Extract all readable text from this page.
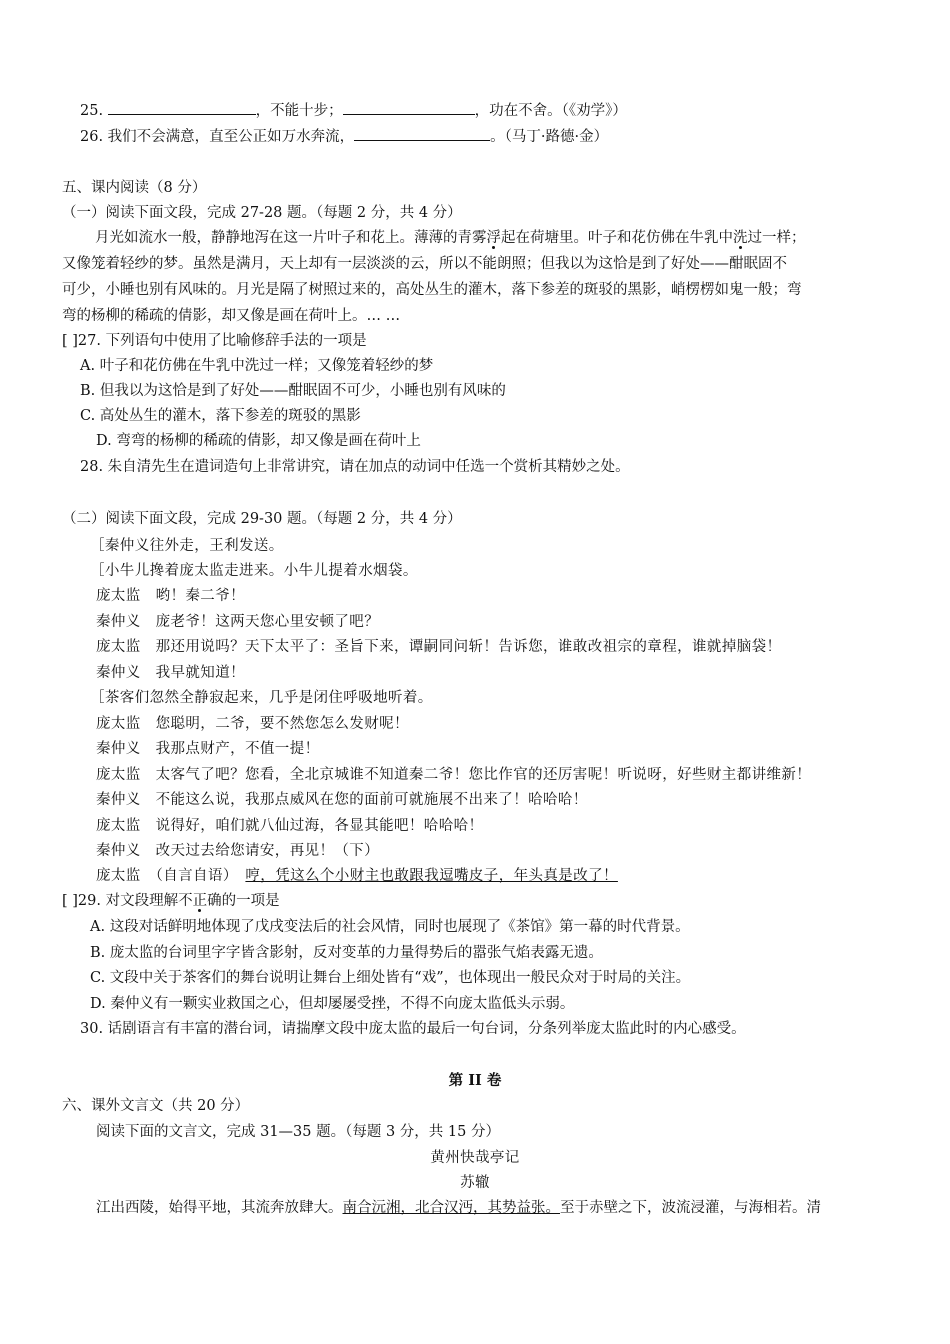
25.	，不能十步；	，功在不舍。（《劝学》）
26. 我们不会满意，直至公正如万水奔流，	。（马丁·路德·金）
五、课内阅读（8 分）
（一）阅读下面文段，完成 27-28 题。（每题 2 分，共 4 分）
月光如流水一般，静静地泻在这一片叶子和花上。薄薄的青雾浮起在荷塘里。叶子和花仿佛在牛乳中洗过一样；
又像笼着轻纱的梦。虽然是满月，天上却有一层淡淡的云，所以不能朗照；但我以为这恰是到了好处——酣眠固不
可少，小睡也别有风味的。月光是隔了树照过来的，高处丛生的灌木，落下参差的斑驳的黑影，峭楞楞如鬼一般；弯
弯的杨柳的稀疏的倩影，却又像是画在荷叶上。… …
[ ]27. 下列语句中使用了比喻修辞手法的一项是
A. 叶子和花仿佛在牛乳中洗过一样；又像笼着轻纱的梦
B. 但我以为这恰是到了好处——酣眠固不可少，小睡也别有风味的
C. 高处丛生的灌木，落下参差的斑驳的黑影
D. 弯弯的杨柳的稀疏的倩影，却又像是画在荷叶上
28. 朱自清先生在遣词造句上非常讲究，请在加点的动词中任选一个赏析其精妙之处。
（二）阅读下面文段，完成 29-30 题。（每题 2 分，共 4 分）
［秦仲义往外走，王利发送。
［小牛儿搀着庞太监走进来。小牛儿提着水烟袋。
庞太监　哟！秦二爷！
秦仲义　庞老爷！这两天您心里安顿了吧？
庞太监　那还用说吗？天下太平了：圣旨下来，谭嗣同问斩！告诉您，谁敢改祖宗的章程，谁就掉脑袋！
秦仲义　我早就知道！
［茶客们忽然全静寂起来，几乎是闭住呼吸地听着。
庞太监　您聪明，二爷，要不然您怎么发财呢！
秦仲义　我那点财产，不值一提！
庞太监　太客气了吧？您看，全北京城谁不知道秦二爷！您比作官的还厉害呢！听说呀，好些财主都讲维新！
秦仲义　不能这么说，我那点威风在您的面前可就施展不出来了！哈哈哈！
庞太监　说得好，咱们就八仙过海，各显其能吧！哈哈哈！
秦仲义　改天过去给您请安，再见！（下）
庞太监　（自言自语）　 哼，凭这么个小财主也敢跟我逗嘴皮子，年头真是改了！
[ ]29. 对文段理解不正确的一项是
A. 这段对话鲜明地体现了戊戌变法后的社会风情，同时也展现了《茶馆》第一幕的时代背景。
B. 庞太监的台词里字字皆含影射，反对变革的力量得势后的嚣张气焰表露无遗。
C. 文段中关于茶客们的舞台说明让舞台上细处皆有“戏”，也体现出一般民众对于时局的关注。
D. 秦仲义有一颗实业救国之心，但却屡屡受挫，不得不向庞太监低头示弱。
30. 话剧语言有丰富的潜台词，请揣摩文段中庞太监的最后一句台词，分条列举庞太监此时的内心感受。
第 II 卷
六、课外文言文（共 20 分）
阅读下面的文言文，完成 31—35 题。（每题 3 分，共 15 分）
黄州快哉亭记
苏辙
江出西陵，始得平地，其流奔放肆大。南合沅湘，北合汉沔，其势益张。至于赤壁之下，波流浸灌，与海相若。清
